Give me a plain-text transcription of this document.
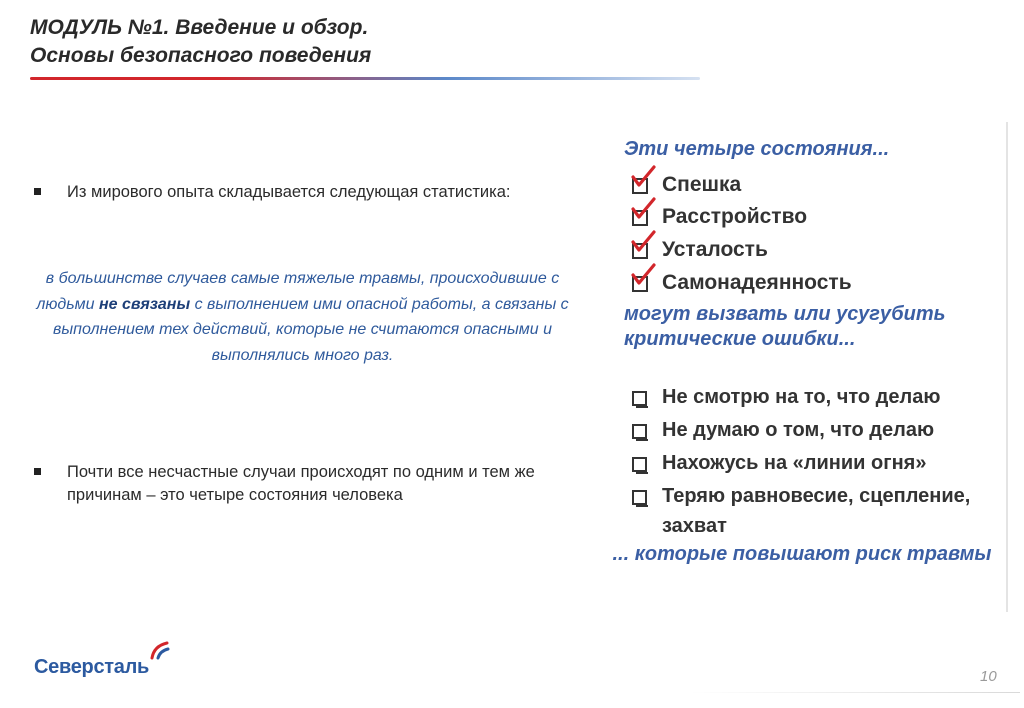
МОДУЛЬ №1. Введение и обзор.
Основы безопасного поведения
Из мирового опыта складывается следующая статистика:
в большинстве случаев самые тяжелые травмы, происходившие с людьми не связаны с выполнением ими опасной работы, а связаны с выполнением тех действий, которые не считаются опасными и выполнялись много раз.
Почти все несчастные случаи происходят по одним и тем же причинам – это четыре состояния человека
Эти четыре состояния...
Спешка
Расстройство
Усталость
Самонадеянность
могут вызвать или усугубить критические ошибки...
Не смотрю на то, что делаю
Не думаю о том, что делаю
Нахожусь на «линии огня»
Теряю равновесие, сцепление, захват
... которые повышают риск травмы
Северсталь	10
